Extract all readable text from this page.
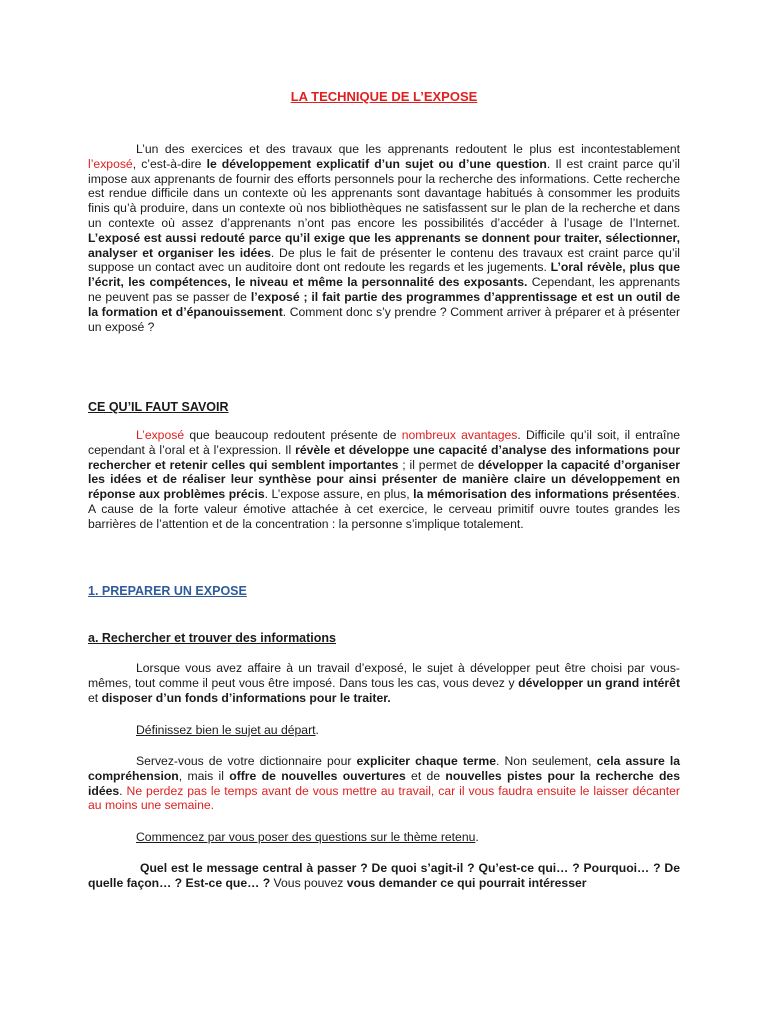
LA TECHNIQUE DE L’EXPOSE

L’un des exercices et des travaux que les apprenants redoutent le plus est incontestablement l’exposé, c’est-à-dire le développement explicatif d’un sujet ou d’une question. Il est craint parce qu’il impose aux apprenants de fournir des efforts personnels pour la recherche des informations. Cette recherche est rendue difficile dans un contexte où les apprenants sont davantage habitués à consommer les produits finis qu’à produire, dans un contexte où nos bibliothèques ne satisfassent sur le plan de la recherche et dans un contexte où assez d’apprenants n’ont pas encore les possibilités d’accéder à l’usage de l’Internet. L’exposé est aussi redouté parce qu’il exige que les apprenants se donnent pour traiter, sélectionner, analyser et organiser les idées. De plus le fait de présenter le contenu des travaux est craint parce qu’il suppose un contact avec un auditoire dont ont redoute les regards et les jugements. L’oral révèle, plus que l’écrit, les compétences, le niveau et même la personnalité des exposants. Cependant, les apprenants ne peuvent pas se passer de l’exposé ; il fait partie des programmes d’apprentissage et est un outil de la formation et d’épanouissement. Comment donc s’y prendre ? Comment arriver à préparer et à présenter un exposé ?

CE QU’IL FAUT SAVOIR

L’exposé que beaucoup redoutent présente de nombreux avantages. Difficile qu’il soit, il entraîne cependant à l’oral et à l’expression. Il révèle et développe une capacité d’analyse des informations pour rechercher et retenir celles qui semblent importantes ; il permet de développer la capacité d’organiser les idées et de réaliser leur synthèse pour ainsi présenter de manière claire un développement en réponse aux problèmes précis. L’expose assure, en plus, la mémorisation des informations présentées. A cause de la forte valeur émotive attachée à cet exercice, le cerveau primitif ouvre toutes grandes les barrières de l’attention et de la concentration : la personne s’implique totalement.

1. PREPARER UN EXPOSE
a. Rechercher et trouver des informations

Lorsque vous avez affaire à un travail d’exposé, le sujet à développer peut être choisi par vous-mêmes, tout comme il peut vous être imposé. Dans tous les cas, vous devez y développer un grand intérêt et disposer d’un fonds d’informations pour le traiter.

Définissez bien le sujet au départ.

Servez-vous de votre dictionnaire pour expliciter chaque terme. Non seulement, cela assure la compréhension, mais il offre de nouvelles ouvertures et de nouvelles pistes pour la recherche des idées. Ne perdez pas le temps avant de vous mettre au travail, car il vous faudra ensuite le laisser décanter au moins une semaine.

Commencez par vous poser des questions sur le thème retenu.

Quel est le message central à passer ? De quoi s’agit-il ? Qu’est-ce qui… ? Pourquoi… ? De quelle façon… ? Est-ce que… ? Vous pouvez vous demander ce qui pourrait intéresser
